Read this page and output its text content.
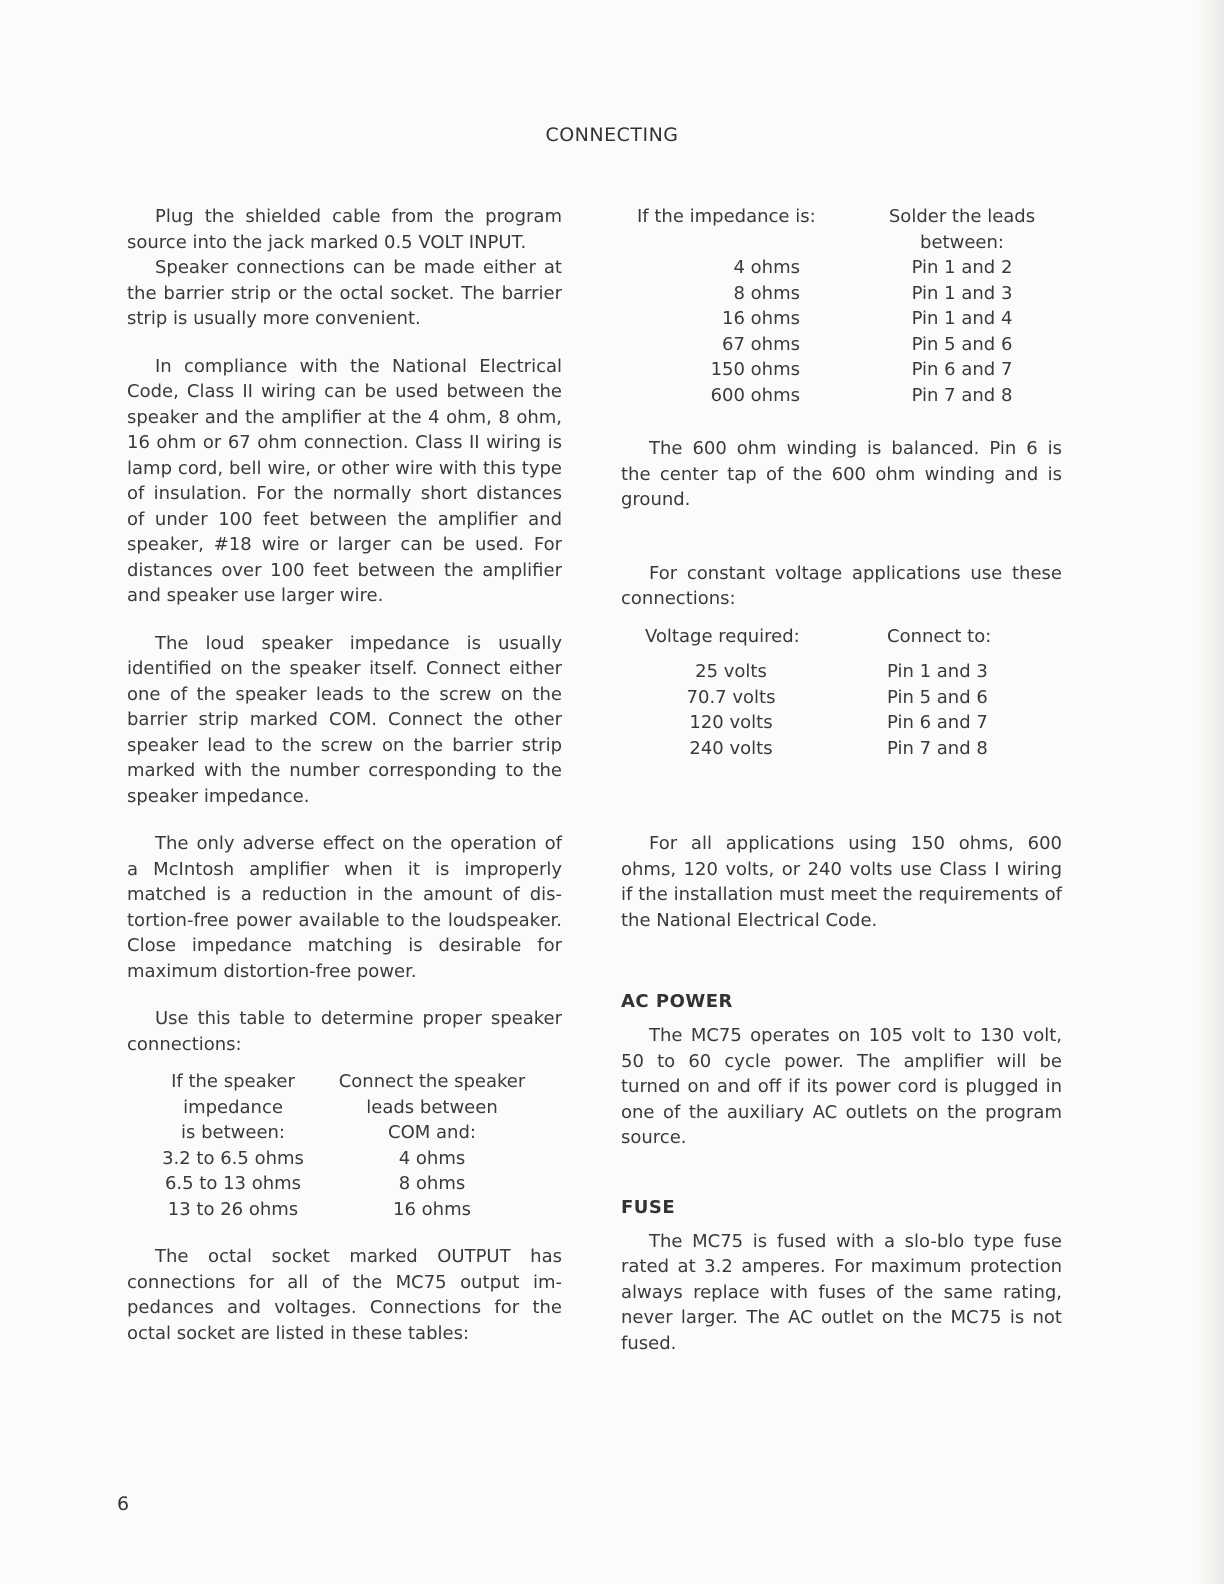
CONNECTING

Plug the shielded cable from the program source into the jack marked 0.5 VOLT INPUT.

Speaker connections can be made either at the barrier strip or the octal socket. The barrier strip is usually more convenient.

In compliance with the National Electrical Code, Class II wiring can be used between the speaker and the amplifier at the 4 ohm, 8 ohm, 16 ohm or 67 ohm connection. Class II wiring is lamp cord, bell wire, or other wire with this type of insulation. For the normally short distances of under 100 feet between the amplifier and speaker, #18 wire or larger can be used. For distances over 100 feet between the amplifier and speaker use larger wire.

The loud speaker impedance is usually identified on the speaker itself. Connect either one of the speaker leads to the screw on the barrier strip marked COM. Connect the other speaker lead to the screw on the barrier strip marked with the number corresponding to the speaker impedance.

The only adverse effect on the operation of a McIntosh amplifier when it is improperly matched is a reduction in the amount of distortion-free power available to the loudspeaker. Close impedance matching is desirable for maximum distortion-free power.

Use this table to determine proper speaker connections:

If the speaker	Connect the speaker
impedance	leads between
is between:	COM and:
3.2 to 6.5 ohms	4 ohms
6.5 to 13 ohms	8 ohms
13 to 26 ohms	16 ohms

The octal socket marked OUTPUT has connections for all of the MC75 output impedances and voltages. Connections for the octal socket are listed in these tables:

If the impedance is:	Solder the leads
between:
4 ohms	Pin 1 and 2
8 ohms	Pin 1 and 3
16 ohms	Pin 1 and 4
67 ohms	Pin 5 and 6
150 ohms	Pin 6 and 7
600 ohms	Pin 7 and 8

The 600 ohm winding is balanced. Pin 6 is the center tap of the 600 ohm winding and is ground.

For constant voltage applications use these connections:

Voltage required:	Connect to:
25 volts	Pin 1 and 3
70.7 volts	Pin 5 and 6
120 volts	Pin 6 and 7
240 volts	Pin 7 and 8

For all applications using 150 ohms, 600 ohms, 120 volts, or 240 volts use Class I wiring if the installation must meet the requirements of the National Electrical Code.

AC POWER

The MC75 operates on 105 volt to 130 volt, 50 to 60 cycle power. The amplifier will be turned on and off if its power cord is plugged in one of the auxiliary AC outlets on the program source.

FUSE

The MC75 is fused with a slo-blo type fuse rated at 3.2 amperes. For maximum protection always replace with fuses of the same rating, never larger. The AC outlet on the MC75 is not fused.

6
